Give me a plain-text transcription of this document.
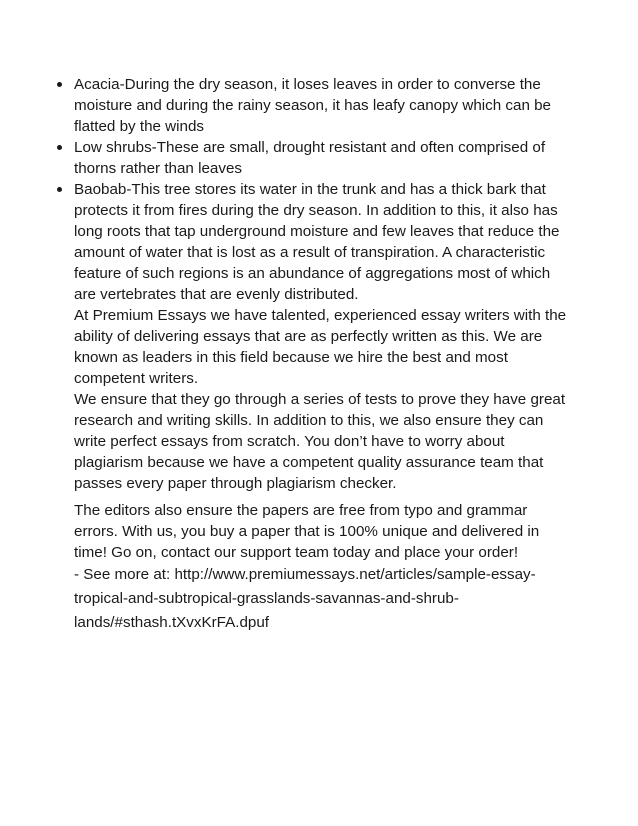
Acacia-During the dry season, it loses leaves in order to converse the moisture and during the rainy season, it has leafy canopy which can be flatted by the winds
Low shrubs-These are small, drought resistant and often comprised of thorns rather than leaves
Baobab-This tree stores its water in the trunk and has a thick bark that protects it from fires during the dry season. In addition to this, it also has long roots that tap underground moisture and few leaves that reduce the amount of water that is lost as a result of transpiration. A characteristic feature of such regions is an abundance of aggregations most of which are vertebrates that are evenly distributed.
At Premium Essays we have talented, experienced essay writers with the ability of delivering essays that are as perfectly written as this. We are known as leaders in this field because we hire the best and most competent writers.
We ensure that they go through a series of tests to prove they have great research and writing skills. In addition to this, we also ensure they can write perfect essays from scratch. You don’t have to worry about plagiarism because we have a competent quality assurance team that passes every paper through plagiarism checker.
The editors also ensure the papers are free from typo and grammar errors. With us, you buy a paper that is 100% unique and delivered in time! Go on, contact our support team today and place your order!
- See more at: http://www.premiumessays.net/articles/sample-essay-
tropical-and-subtropical-grasslands-savannas-and-shrub-
lands/#sthash.tXvxKrFA.dpuf
